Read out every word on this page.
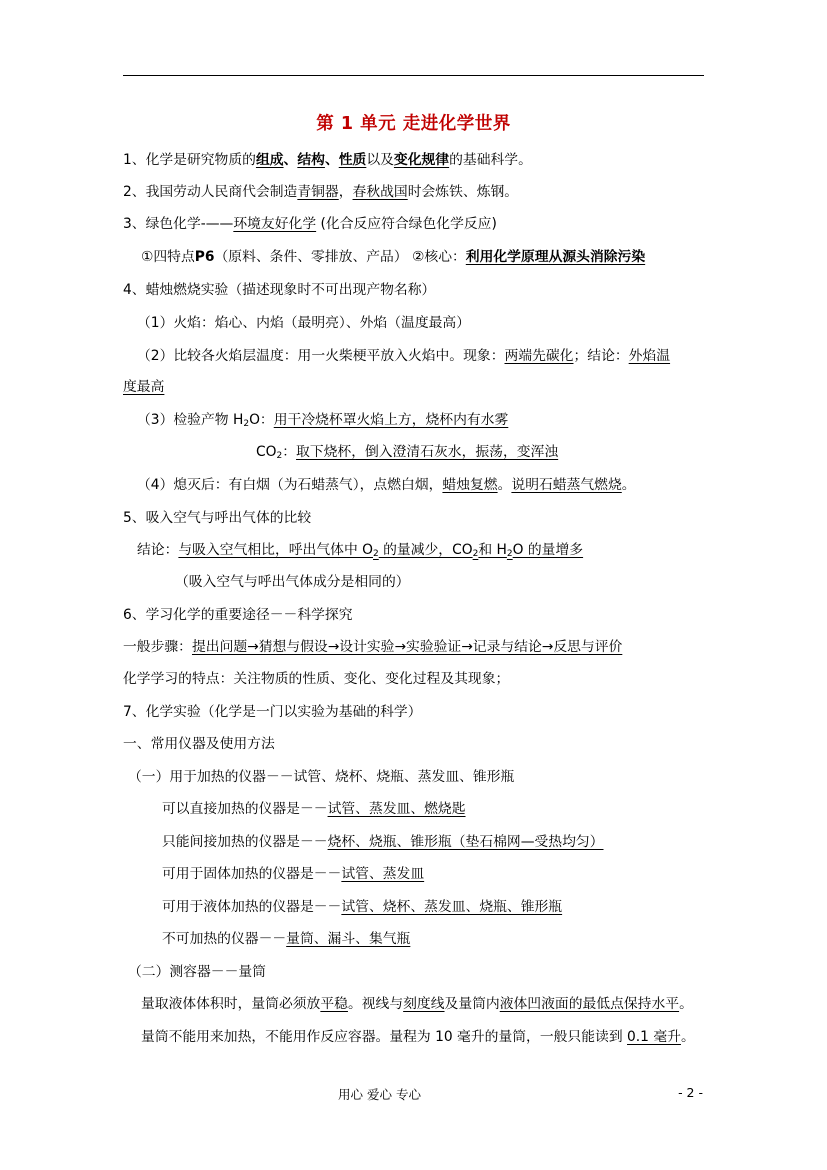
第 1 单元 走进化学世界
1、化学是研究物质的组成、结构、性质以及变化规律的基础科学。
2、我国劳动人民商代会制造青铜器，春秋战国时会炼铁、炼钢。
3、绿色化学-——环境友好化学 (化合反应符合绿色化学反应)
①四特点P6（原料、条件、零排放、产品） ②核心：利用化学原理从源头消除污染
4、蜡烛燃烧实验（描述现象时不可出现产物名称）
（1）火焰：焰心、内焰（最明亮）、外焰（温度最高）
（2）比较各火焰层温度：用一火柴梗平放入火焰中。现象：两端先碳化；结论：外焰温
度最高
（3）检验产物 $H_2O$：用干冷烧杯罩火焰上方，烧杯内有水雾
$CO_2$：取下烧杯，倒入澄清石灰水，振荡，变浑浊
（4）熄灭后：有白烟（为石蜡蒸气），点燃白烟，蜡烛复燃。说明石蜡蒸气燃烧。
5、吸入空气与呼出气体的比较
结论：与吸入空气相比，呼出气体中 $O_2$ 的量减少，$CO_2$和 $H_2O$ 的量增多
（吸入空气与呼出气体成分是相同的）
6、学习化学的重要途径－－科学探究
一般步骤：提出问题→猜想与假设→设计实验→实验验证→记录与结论→反思与评价
化学学习的特点：关注物质的性质、变化、变化过程及其现象；
7、化学实验（化学是一门以实验为基础的科学）
一、常用仪器及使用方法
（一）用于加热的仪器－－试管、烧杯、烧瓶、蒸发皿、锥形瓶
可以直接加热的仪器是－－试管、蒸发皿、燃烧匙
只能间接加热的仪器是－－烧杯、烧瓶、锥形瓶（垫石棉网—受热均匀）
可用于固体加热的仪器是－－试管、蒸发皿
可用于液体加热的仪器是－－试管、烧杯、蒸发皿、烧瓶、锥形瓶
不可加热的仪器－－量筒、漏斗、集气瓶
（二）测容器－－量筒
量取液体体积时，量筒必须放平稳。视线与刻度线及量筒内液体凹液面的最低点保持水平。
量筒不能用来加热，不能用作反应容器。量程为 10 毫升的量筒，一般只能读到 0.1 毫升。
用心 爱心 专心	- 2 -
